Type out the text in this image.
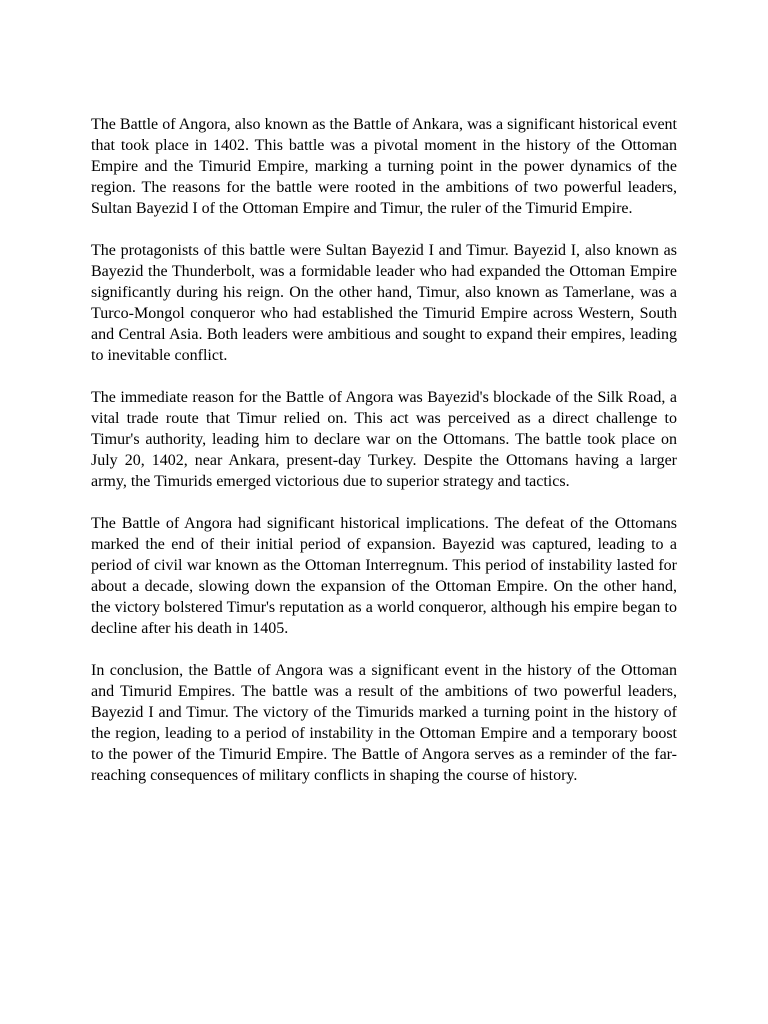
The Battle of Angora, also known as the Battle of Ankara, was a significant historical event that took place in 1402. This battle was a pivotal moment in the history of the Ottoman Empire and the Timurid Empire, marking a turning point in the power dynamics of the region. The reasons for the battle were rooted in the ambitions of two powerful leaders, Sultan Bayezid I of the Ottoman Empire and Timur, the ruler of the Timurid Empire.

The protagonists of this battle were Sultan Bayezid I and Timur. Bayezid I, also known as Bayezid the Thunderbolt, was a formidable leader who had expanded the Ottoman Empire significantly during his reign. On the other hand, Timur, also known as Tamerlane, was a Turco-Mongol conqueror who had established the Timurid Empire across Western, South and Central Asia. Both leaders were ambitious and sought to expand their empires, leading to inevitable conflict.

The immediate reason for the Battle of Angora was Bayezid's blockade of the Silk Road, a vital trade route that Timur relied on. This act was perceived as a direct challenge to Timur's authority, leading him to declare war on the Ottomans. The battle took place on July 20, 1402, near Ankara, present-day Turkey. Despite the Ottomans having a larger army, the Timurids emerged victorious due to superior strategy and tactics.

The Battle of Angora had significant historical implications. The defeat of the Ottomans marked the end of their initial period of expansion. Bayezid was captured, leading to a period of civil war known as the Ottoman Interregnum. This period of instability lasted for about a decade, slowing down the expansion of the Ottoman Empire. On the other hand, the victory bolstered Timur's reputation as a world conqueror, although his empire began to decline after his death in 1405.

In conclusion, the Battle of Angora was a significant event in the history of the Ottoman and Timurid Empires. The battle was a result of the ambitions of two powerful leaders, Bayezid I and Timur. The victory of the Timurids marked a turning point in the history of the region, leading to a period of instability in the Ottoman Empire and a temporary boost to the power of the Timurid Empire. The Battle of Angora serves as a reminder of the far-reaching consequences of military conflicts in shaping the course of history.
